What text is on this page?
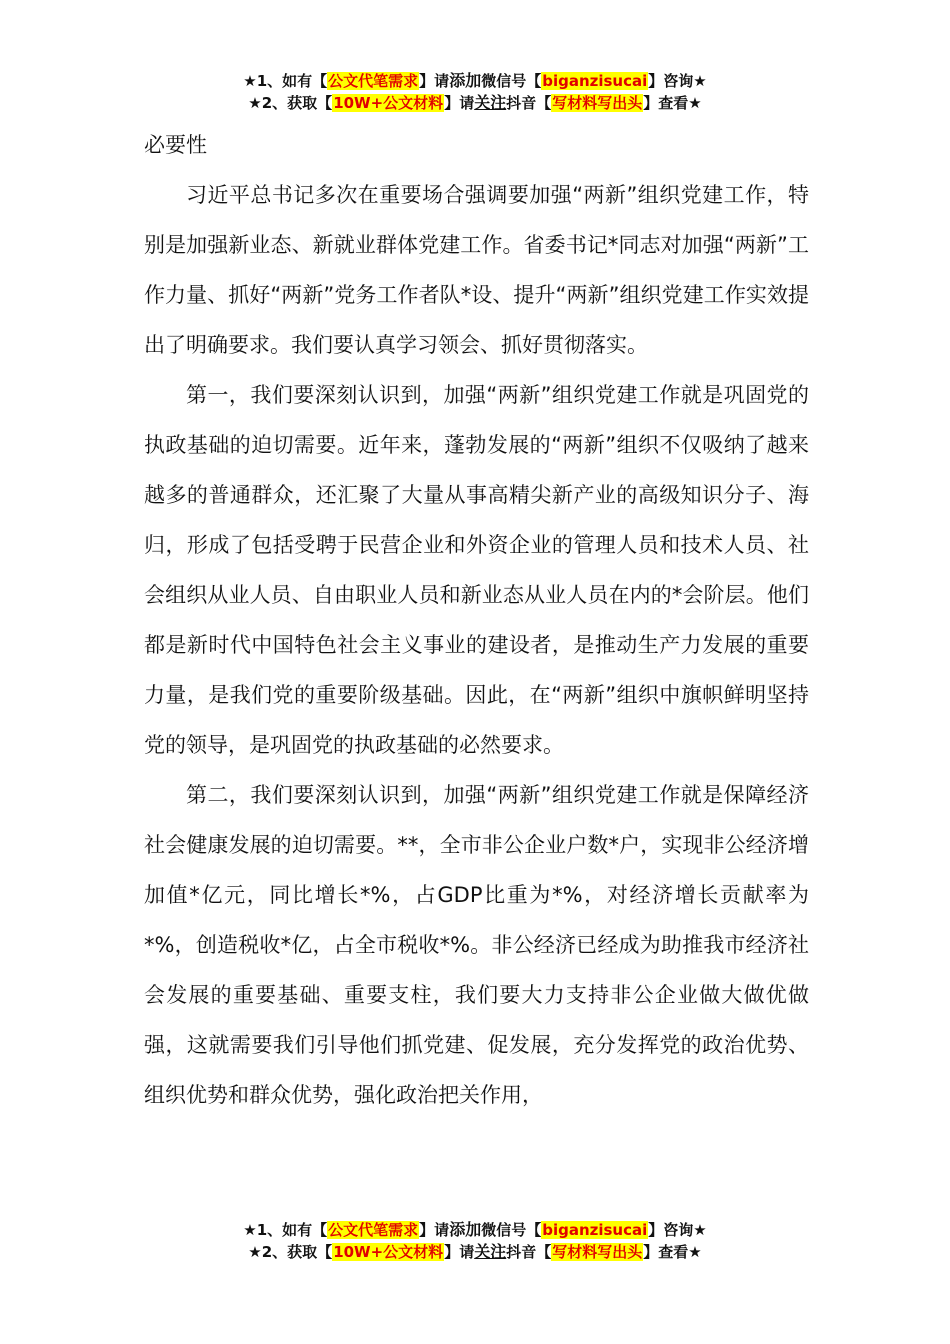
★1、如有【公文代笔需求】请添加微信号【biganzisucai】咨询★
★2、获取【10W+公文材料】请关注抖音【写材料写出头】查看★

必要性

习近平总书记多次在重要场合强调要加强“两新”组织党建工作，特别是加强新业态、新就业群体党建工作。省委书记*同志对加强“两新”工作力量、抓好“两新”党务工作者队*设、提升“两新”组织党建工作实效提出了明确要求。我们要认真学习领会、抓好贯彻落实。

第一，我们要深刻认识到，加强“两新”组织党建工作就是巩固党的执政基础的迫切需要。近年来，蓬勃发展的“两新”组织不仅吸纳了越来越多的普通群众，还汇聚了大量从事高精尖新产业的高级知识分子、海归，形成了包括受聘于民营企业和外资企业的管理人员和技术人员、社会组织从业人员、自由职业人员和新业态从业人员在内的*会阶层。他们都是新时代中国特色社会主义事业的建设者，是推动生产力发展的重要力量，是我们党的重要阶级基础。因此，在“两新”组织中旗帜鲜明坚持党的领导，是巩固党的执政基础的必然要求。

第二，我们要深刻认识到，加强“两新”组织党建工作就是保障经济社会健康发展的迫切需要。**，全市非公企业户数*户，实现非公经济增加值*亿元，同比增长*%，占GDP比重为*%，对经济增长贡献率为*%，创造税收*亿，占全市税收*%。非公经济已经成为助推我市经济社会发展的重要基础、重要支柱，我们要大力支持非公企业做大做优做强，这就需要我们引导他们抓党建、促发展，充分发挥党的政治优势、组织优势和群众优势，强化政治把关作用，

★1、如有【公文代笔需求】请添加微信号【biganzisucai】咨询★
★2、获取【10W+公文材料】请关注抖音【写材料写出头】查看★
